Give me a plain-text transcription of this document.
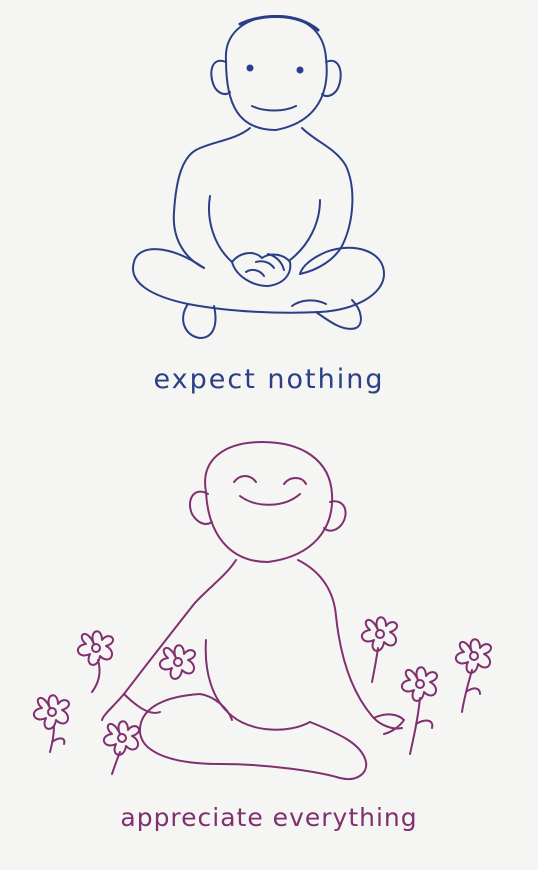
expect nothing
appreciate everything
